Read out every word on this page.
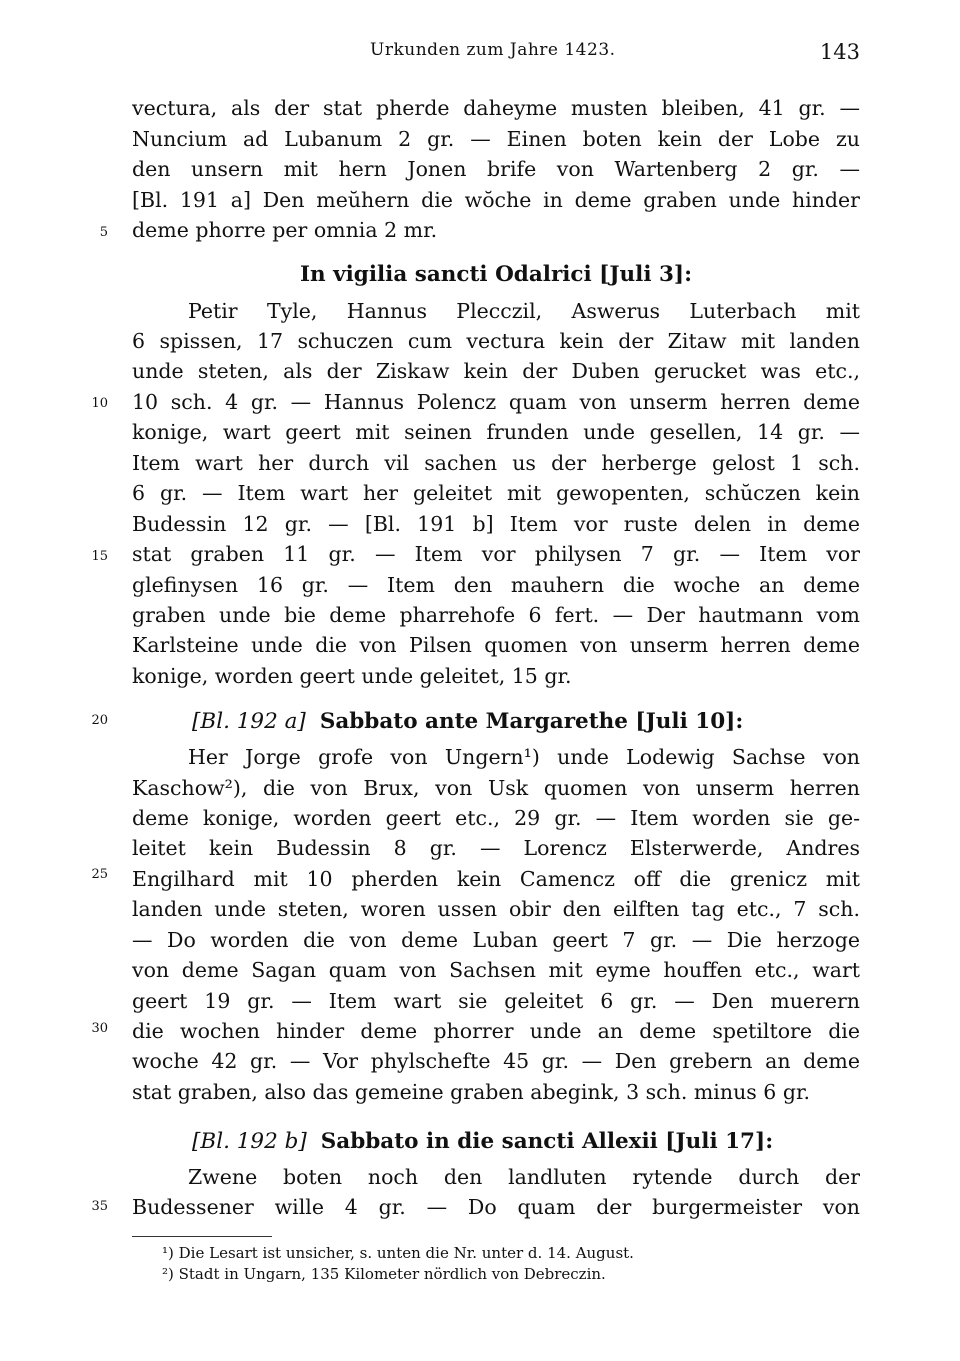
Urkunden zum Jahre 1423.	143
vectura, als der stat pherde daheyme musten bleiben, 41 gr. —
Nuncium ad Lubanum 2 gr. — Einen boten kein der Lobe zu
den unsern mit hern Jonen brife von Wartenberg 2 gr. —
[Bl. 191 a] Den meŭhern die wŏche in deme graben unde hinder
deme phorre per omnia 2 mr.
In vigilia sancti Odalrici [Juli 3]:
Petir Tyle, Hannus Plecczil, Aswerus Luterbach mit
6 spissen, 17 schuczen cum vectura kein der Zitaw mit landen
unde steten, als der Ziskaw kein der Duben gerucket was etc.,
10 sch. 4 gr. — Hannus Polencz quam von unserm herren deme
konige, wart geert mit seinen frunden unde gesellen, 14 gr. —
Item wart her durch vil sachen us der herberge gelost 1 sch.
6 gr. — Item wart her geleitet mit gewopenten, schŭczen kein
Budessin 12 gr. — [Bl. 191 b] Item vor ruste delen in deme
stat graben 11 gr. — Item vor philysen 7 gr. — Item vor
glefinysen 16 gr. — Item den mauhern die woche an deme
graben unde bie deme pharrehofe 6 fert. — Der hautmann vom
Karlsteine unde die von Pilsen quomen von unserm herren deme
konige, worden geert unde geleitet, 15 gr.
[Bl. 192 a] Sabbato ante Margarethe [Juli 10]:
Her Jorge grofe von Ungern¹) unde Lodewig Sachse von
Kaschow²), die von Brux, von Usk quomen von unserm herren
deme konige, worden geert etc., 29 gr. — Item worden sie ge-
leitet kein Budessin 8 gr. — Lorencz Elsterwerde, Andres
Engilhard mit 10 pherden kein Camencz off die grenicz mit
landen unde steten, woren ussen obir den eilften tag etc., 7 sch.
— Do worden die von deme Luban geert 7 gr. — Die herzoge
von deme Sagan quam von Sachsen mit eyme houffen etc., wart
geert 19 gr. — Item wart sie geleitet 6 gr. — Den muerern
die wochen hinder deme phorrer unde an deme spetiltore die
woche 42 gr. — Vor phylschefte 45 gr. — Den grebern an deme
stat graben, also das gemeine graben abegink, 3 sch. minus 6 gr.
[Bl. 192 b] Sabbato in die sancti Allexii [Juli 17]:
Zwene boten noch den landluten rytende durch der
Budessener wille 4 gr. — Do quam der burgermeister von
5
10
15
20
25
30
35
¹) Die Lesart ist unsicher, s. unten die Nr. unter d. 14. August.
²) Stadt in Ungarn, 135 Kilometer nördlich von Debreczin.
